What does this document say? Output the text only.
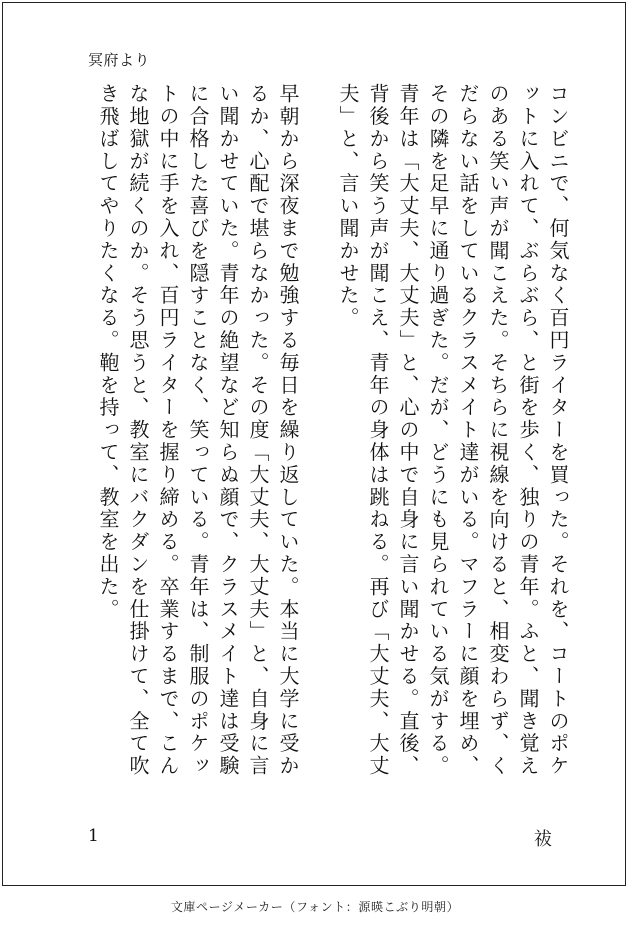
冥府より

コンビニで、何気なく百円ライターを買った。それを、コートのポケットに入れて、ぶらぶら、と街を歩く、独りの青年。ふと、聞き覚えのある笑い声が聞こえた。そちらに視線を向けると、相変わらず、くだらない話をしているクラスメイト達がいる。マフラーに顔を埋め、その隣を足早に通り過ぎた。だが、どうにも見られている気がする。青年は「大丈夫、大丈夫」と、心の中で自身に言い聞かせる。直後、背後から笑う声が聞こえ、青年の身体は跳ねる。再び「大丈夫、大丈夫」と、言い聞かせた。

早朝から深夜まで勉強する毎日を繰り返していた。本当に大学に受かるか、心配で堪らなかった。その度「大丈夫、大丈夫」と、自身に言い聞かせていた。青年の絶望など知らぬ顔で、クラスメイト達は受験に合格した喜びを隠すことなく、笑っている。青年は、制服のポケットの中に手を入れ、百円ライターを握り締める。卒業するまで、こんな地獄が続くのか。そう思うと、教室にバクダンを仕掛けて、全て吹き飛ばしてやりたくなる。鞄を持って、教室を出た。

1	祓
文庫ページメーカー（フォント：源暎こぶり明朝）
